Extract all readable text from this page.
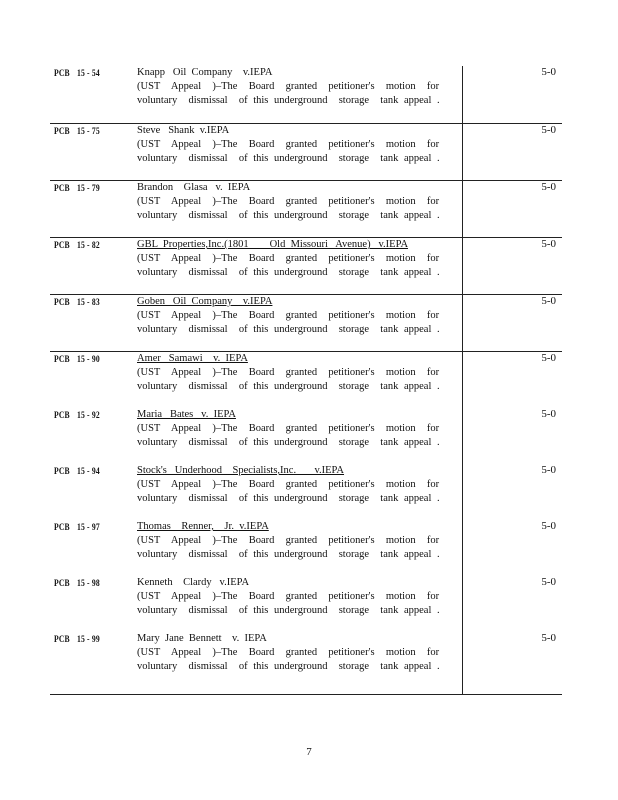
PCB 15 - 54	Knapp   Oil  Company    v.IEPA
(UST  Appeal  )–The  Board  granted  petitioner's  motion  for
voluntary  dismissal  of this underground  storage  tank appeal .
5-0
PCB 15 - 75	Steve   Shank  v.IEPA
(UST  Appeal  )–The  Board  granted  petitioner's  motion  for
voluntary  dismissal  of this underground  storage  tank appeal .
5-0
PCB 15 - 79	Brandon    Glasa   v.  IEPA
(UST  Appeal  )–The  Board  granted  petitioner's  motion  for
voluntary  dismissal  of this underground  storage  tank appeal .
5-0
PCB 15 - 82	GBL  Properties,Inc.(1801        Old  Missouri   Avenue)   v.IEPA
(UST  Appeal  )–The  Board  granted  petitioner's  motion  for
voluntary  dismissal  of this underground  storage  tank appeal .
5-0
PCB 15 - 83	Goben   Oil  Company    v.IEPA
(UST  Appeal  )–The  Board  granted  petitioner's  motion  for
voluntary  dismissal  of this underground  storage  tank appeal .
5-0
PCB 15 - 90	Amer   Samawi    v.  IEPA
(UST  Appeal  )–The  Board  granted  petitioner's  motion  for
voluntary  dismissal  of this underground  storage  tank appeal .
5-0
PCB 15 - 92	Maria   Bates   v.  IEPA
(UST  Appeal  )–The  Board  granted  petitioner's  motion  for
voluntary  dismissal  of this underground  storage  tank appeal .
5-0
PCB 15 - 94	Stock's   Underhood    Specialists,Inc.       v.IEPA
(UST  Appeal  )–The  Board  granted  petitioner's  motion  for
voluntary  dismissal  of this underground  storage  tank appeal .
5-0
PCB 15 - 97	Thomas    Renner,    Jr.  v.IEPA
(UST  Appeal  )–The  Board  granted  petitioner's  motion  for
voluntary  dismissal  of this underground  storage  tank appeal .
5-0
PCB 15 - 98	Kenneth    Clardy   v.IEPA
(UST  Appeal  )–The  Board  granted  petitioner's  motion  for
voluntary  dismissal  of this underground  storage  tank appeal .
5-0
PCB 15 - 99	Mary  Jane  Bennett    v.  IEPA
(UST  Appeal  )–The  Board  granted  petitioner's  motion  for
voluntary  dismissal  of this underground  storage  tank appeal .
5-0
7
